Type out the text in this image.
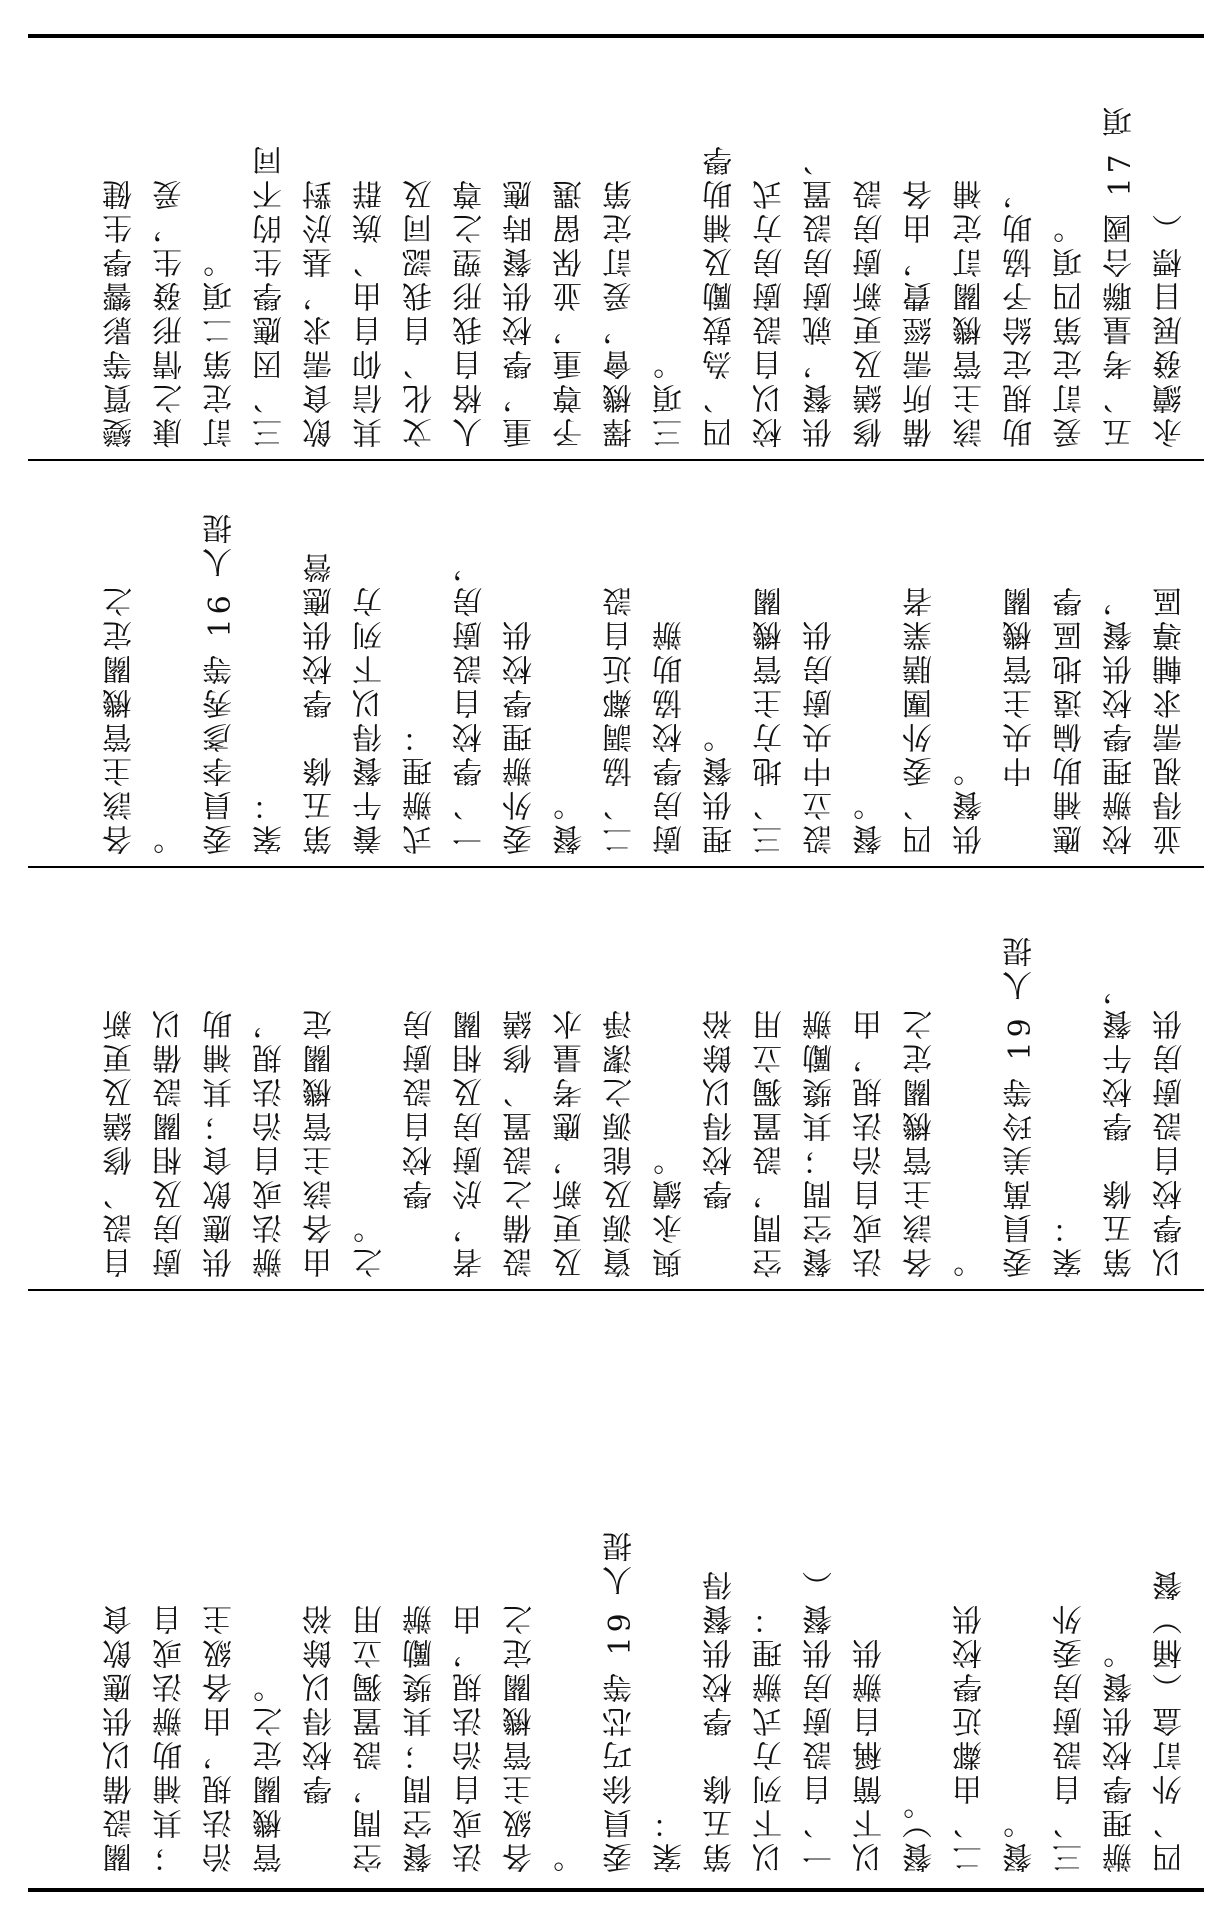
變質等影響學生健
康之情形發生，爰
訂定第二項。
三、因應學生的不同
飲食需求，基於對
其信仰自由、族群
文化、自我認同及
人格自我形塑之尊
重，學校供餐時應
予尊重，並保留選
擇機會，爰訂定第
三項。
四、為鼓勵及補助學
校以自設廚房方式
供餐，就廚房設置、
修繕及更新廚房設
備所需經費，由各
該主管機關訂定補
助規定給予協助，
爰訂定第四項。
五、考量聯合國 17 項
永續發展目標（
各該主管機關定之
。
委員李彥秀等 16 人提
案：
第五條　學校供應營
養午餐得以下列方
式辦理：
一、學校自設廚房，
委外辦理學校供
餐。
二、協調鄰近自設
廚房學校協助辦
理供餐。
三、地方主管機關
設立中央廚房供
餐。
四、委外團膳業者
供餐。
　　中央主管機關
應補助偏遠地區學
校辦理學校供餐，
並得視需求輔導區
自設、修繕及更新
廚房及相關設備以
供應飲食；其補助
辦法或自治法規，
由各該主管機關定
之。
　　學校自設廚房
者，於廚房及相關
設備之設置、修繕
及更新，應考量水
資源及能源之潔淨
與永續。
　　學校得以餘裕
空間，設置獨立用
餐空間；其獎勵辦
法或自治法規，由
各該主管機關定之
。
委員萬美玲等 19 人提
案：
第五條　學校午餐，
以學校自設廚房供
關設備以供應飲食
；其補助辦法或自
治法規，由各級主
管機關定之。
　　學校得以餘裕
空間，設置獨立用
餐空間；其獎勵辦
法或自治法規，由
各級主管機關定之
。
委員徐巧芯等 19 人提
案：
第五條　學校供餐得
以下列方式辦理：
一、自設廚房供餐（
以下簡稱自辦供
餐）。
二、由鄰近學校供
餐。
三、自設廚房委外
辦理學校供餐。
四、外訂盒（桶）餐
